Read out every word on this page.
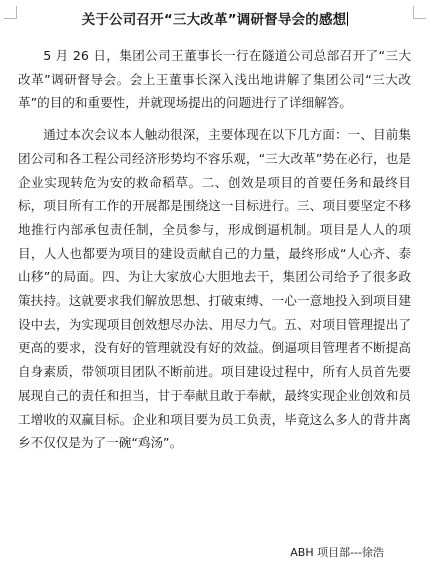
关于公司召开“三大改革”调研督导会的感想

5 月 26 日，集团公司王董事长一行在隧道公司总部召开了“三大改革”调研督导会。会上王董事长深入浅出地讲解了集团公司“三大改革”的目的和重要性，并就现场提出的问题进行了详细解答。

通过本次会议本人触动很深，主要体现在以下几方面：一、目前集团公司和各工程公司经济形势均不容乐观，“三大改革”势在必行，也是企业实现转危为安的救命稻草。二、创效是项目的首要任务和最终目标，项目所有工作的开展都是围绕这一目标进行。三、项目要坚定不移地推行内部承包责任制，全员参与，形成倒逼机制。项目是人人的项目，人人也都要为项目的建设贡献自己的力量，最终形成“人心齐、泰山移”的局面。四、为让大家放心大胆地去干，集团公司给予了很多政策扶持。这就要求我们解放思想、打破束缚、一心一意地投入到项目建设中去，为实现项目创效想尽办法、用尽力气。五、对项目管理提出了更高的要求，没有好的管理就没有好的效益。倒逼项目管理者不断提高自身素质，带领项目团队不断前进。项目建设过程中，所有人员首先要展现自己的责任和担当，甘于奉献且敢于奉献，最终实现企业创效和员工增收的双赢目标。企业和项目要为员工负责，毕竟这么多人的背井离乡不仅仅是为了一碗“鸡汤”。

ABH 项目部---徐浩
